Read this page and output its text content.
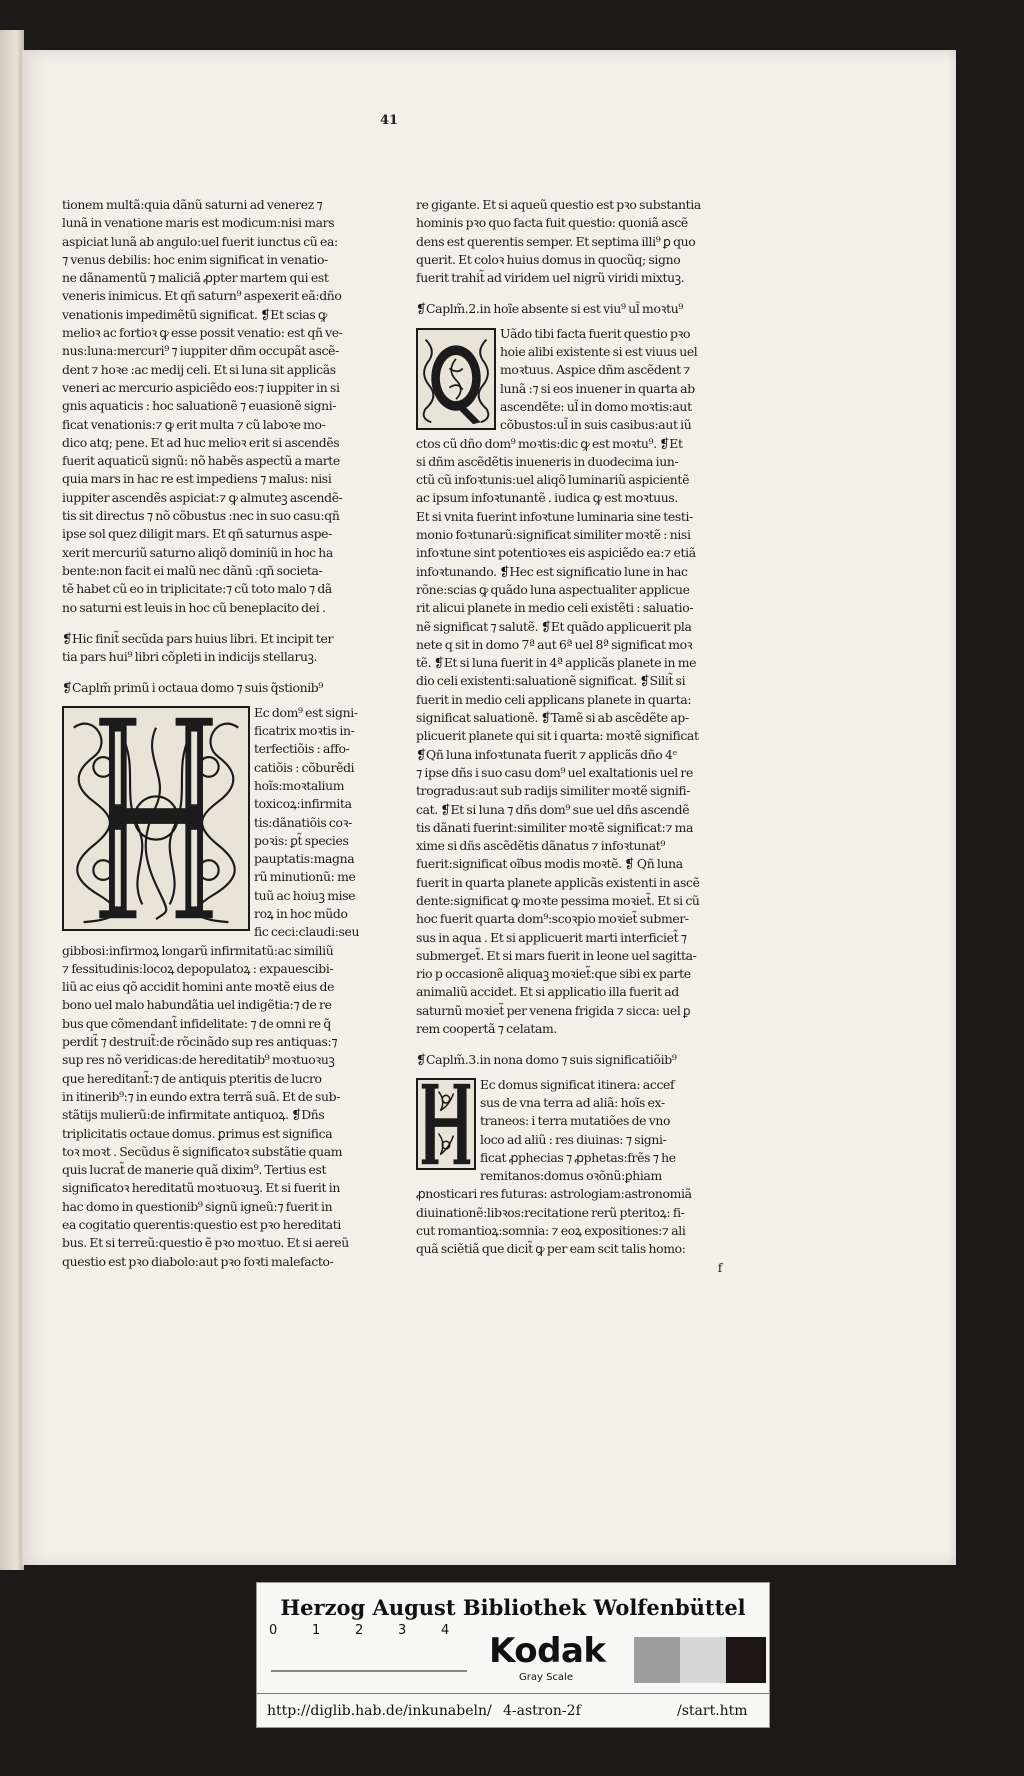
41
tionem multã:quia dãnũ saturni ad venerez ⁊
lunã in venatione maris est modicum:nisi mars
aspiciat lunã ab angulo:uel fuerit iunctus cũ ea:
⁊ venus debilis: hoc enim significat in venatio-
ne dãnamentũ ⁊ maliciã ꝓpter martem qui est
veneris inimicus. Et qñ saturn⁹ aspexerit eã:dño
venationis impedimẽtũ significat. ❡Et scias ꝙ
melioꝛ ac fortioꝛ ꝙ esse possit venatio: est qñ ve-
nus:luna:mercuri⁹ ⁊ iuppiter dñm occupãt ascẽ-
dent ⁊ hoꝛe :ac medij celi. Et si luna sit applicãs
veneri ac mercurio aspiciẽdo eos:⁊ iuppiter in si
gnis aquaticis : hoc saluationẽ ⁊ euasionẽ signi-
ficat venationis:⁊ ꝙ erit multa ⁊ cũ laboꝛe mo-
dico atq; pene. Et ad huc melioꝛ erit si ascendẽs
fuerit aquaticũ signũ: nõ habẽs aspectũ a marte
quia mars in hac re est impediens ⁊ malus: nisi
iuppiter ascendẽs aspiciat:⁊ ꝙ almuteꝫ ascendẽ-
tis sit directus ⁊ nõ cõbustus :nec in suo casu:qñ
ipse sol quez diligit mars. Et qñ saturnus aspe-
xerit mercuriũ saturno aliqõ dominiũ in hoc ha
bente:non facit ei malũ nec dãnũ :qñ societa-
tẽ habet cũ eo in triplicitate:⁊ cũ toto malo ⁊ dã
no saturni est leuis in hoc cũ beneplacito dei .
❡Hic finit̃ secũda pars huius libri. Et incipit ter
tia pars hui⁹ libri cõpleti in indicijs stellaruꝫ.
❡Caplm̃ primũ i octaua domo ⁊ suis q̃stionib⁹
Ec dom⁹ est signi-
ficatrix moꝛtis in-
terfectiõis : affo-
catiõis : cõburẽdi
hoĩs:moꝛtalium
toxicoꝝ:infirmita
tis:dãnatiõis coꝛ-
poꝛis: ꝑt̃ species
pauptatis:magna
rũ minutionũ: me
tuũ ac hoiuꝫ mise
roꝝ in hoc mũdo
fic ceci:claudi:seu
gibbosi:infirmoꝝ longarũ infirmitatũ:ac similiũ
⁊ fessitudinis:locoꝝ depopulatoꝝ : expauescibi-
liũ ac eius qõ accidit homini ante moꝛtẽ eius de
bono uel malo habundãtia uel indigẽtia:⁊ de re
bus que cõmendant̃ infidelitate: ⁊ de omni re q̃
perdit̃ ⁊ destruit̃:de rõcinãdo sup res antiquas:⁊
sup res nõ veridicas:de hereditatib⁹ moꝛtuoꝛuꝫ
que hereditant̃:⁊ de antiquis pteritis de lucro
in itinerib⁹:⁊ in eundo extra terrã suã. Et de sub-
stãtijs mulierũ:de infirmitate antiquoꝝ. ❡Dñs
triplicitatis octaue domus. ꝑrimus est significa
toꝛ moꝛt . Secũdus ẽ significatoꝛ substãtie quam
quis lucrat̃ de manerie quã dixim⁹. Tertius est
significatoꝛ hereditatũ moꝛtuoꝛuꝫ. Et si fuerit in
hac domo in questionib⁹ signũ igneũ:⁊ fuerit in
ea cogitatio querentis:questio est pꝛo hereditati
bus. Et si terreũ:questio ẽ pꝛo moꝛtuo. Et si aereũ
questio est pꝛo diabolo:aut pꝛo foꝛti malefacto-
re gigante. Et si aqueũ questio est pꝛo substantia
hominis pꝛo quo facta fuit questio: quoniã ascẽ
dens est querentis semper. Et septima illi⁹ ꝑ quo
querit. Et coloꝛ huius domus in quocũq; signo
fuerit trahit̃ ad viridem uel nigrũ viridi mixtuꝫ.
❡Caplm̃.2.in hoĩe absente si est viu⁹ ul̃ moꝛtu⁹
Uãdo tibi facta fuerit questio pꝛo
hoie alibi existente si est viuus uel
moꝛtuus. Aspice dñm ascẽdent ⁊
lunã :⁊ si eos inuener in quarta ab
ascendẽte: ul̃ in domo moꝛtis:aut
cõbustos:ul̃ in suis casibus:aut iũ
ctos cũ dño dom⁹ moꝛtis:dic ꝙ est moꝛtu⁹. ❡Et
si dñm ascẽdẽtis inueneris in duodecima iun-
ctũ cũ infoꝛtunis:uel aliqõ luminariũ aspicientẽ
ac ipsum infoꝛtunantẽ . iudica ꝙ est moꝛtuus.
Et si vnita fuerint infoꝛtune luminaria sine testi-
monio foꝛtunarũ:significat similiter moꝛtẽ : nisi
infoꝛtune sint potentioꝛes eis aspiciẽdo ea:⁊ etiã
infoꝛtunando. ❡Hec est significatio lune in hac
rõne:scias ꝙ quãdo luna aspectualiter applicue
rit alicui planete in medio celi existẽti : saluatio-
nẽ significat ⁊ salutẽ. ❡Et quãdo applicuerit pla
nete q sit in domo 7ª aut 6ª uel 8ª significat moꝛ
tẽ. ❡Et si luna fuerit in 4ª applicãs planete in me
dio celi existenti:saluationẽ significat. ❡Silit̃ si
fuerit in medio celi applicans planete in quarta:
significat saluationẽ. ❡Tamẽ si ab ascẽdẽte ap-
plicuerit planete qui sit i quarta: moꝛtẽ significat
❡Qñ luna infoꝛtunata fuerit ⁊ applicãs dño 4ᵉ
⁊ ipse dñs i suo casu dom⁹ uel exaltationis uel re
trogradus:aut sub radijs similiter moꝛtẽ signifi-
cat. ❡Et si luna ⁊ dñs dom⁹ sue uel dñs ascendẽ
tis dãnati fuerint:similiter moꝛtẽ significat:⁊ ma
xime si dñs ascẽdẽtis dãnatus ⁊ infoꝛtunat⁹
fuerit:significat oĩbus modis moꝛtẽ. ❡ Qñ luna
fuerit in quarta planete applicãs existenti in ascẽ
dente:significat ꝙ moꝛte pessima moꝛiet̃. Et si cũ
hoc fuerit quarta dom⁹:scoꝛpio moꝛiet̃ submer-
sus in aqua . Et si applicuerit marti interficiet̃ ⁊
submerget̃. Et si mars fuerit in leone uel sagitta-
rio p occasionẽ aliquaꝫ moꝛiet̃:que sibi ex parte
animaliũ accidet. Et si applicatio illa fuerit ad
saturnũ moꝛiet̃ per venena frigida ⁊ sicca: uel ꝑ
rem coopertã ⁊ celatam.
❡Caplm̃.3.in nona domo ⁊ suis significatiõib⁹
Ec domus significat itinera: accef
sus de vna terra ad aliã: hoĩs ex-
traneos: i terra mutatiões de vno
loco ad aliũ : res diuinas: ⁊ signi-
ficat ꝓphecias ⁊ ꝓphetas:frẽs ⁊ he
remitanos:domus oꝛõnũ:ꝑhiam
ꝓnosticari res futuras: astrologiam:astronomiã
diuinationẽ:libꝛos:recitatione rerũ pteritoꝝ: fi-
cut romantioꝝ:somnia: ⁊ eoꝝ expositiones:⁊ ali
quã sciẽtiã que dicit̃ ꝙ per eam scit talis homo:
f
Herzog August Bibliothek Wolfenbüttel
0	1	2	3	4
Kodak
Gray Scale
http://diglib.hab.de/inkunabeln/ 4-astron-2f	/start.htm
